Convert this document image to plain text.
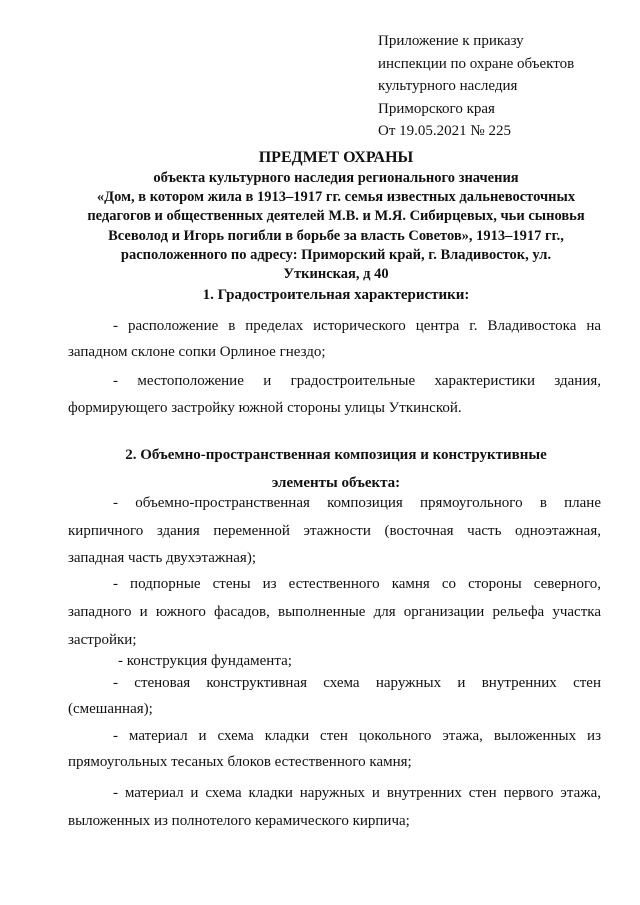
Приложение к приказу
инспекции по охране объектов
культурного наследия
Приморского края
От 19.05.2021 № 225
ПРЕДМЕТ ОХРАНЫ
объекта культурного наследия регионального значения
«Дом, в котором жила в 1913–1917 гг. семья известных дальневосточных
педагогов и общественных деятелей М.В. и М.Я. Сибирцевых, чьи сыновья
Всеволод и Игорь погибли в борьбе за власть Советов», 1913–1917 гг.,
расположенного по адресу: Приморский край, г. Владивосток, ул.
Уткинская, д 40
1. Градостроительная характеристики:
- расположение в пределах исторического центра г. Владивостока на
западном склоне сопки Орлиное гнездо;
- местоположение и градостроительные характеристики здания,
формирующего застройку южной стороны улицы Уткинской.
2. Объемно-пространственная композиция и конструктивные
элементы объекта:
- объемно-пространственная композиция прямоугольного в плане
кирпичного здания переменной этажности (восточная часть одноэтажная,
западная часть двухэтажная);
- подпорные стены из естественного камня со стороны северного,
западного и южного фасадов, выполненные для организации рельефа участка
застройки;
- конструкция фундамента;
- стеновая конструктивная схема наружных и внутренних стен
(смешанная);
- материал и схема кладки стен цокольного этажа, выложенных из
прямоугольных тесаных блоков естественного камня;
- материал и схема кладки наружных и внутренних стен первого этажа,
выложенных из полнотелого керамического кирпича;
